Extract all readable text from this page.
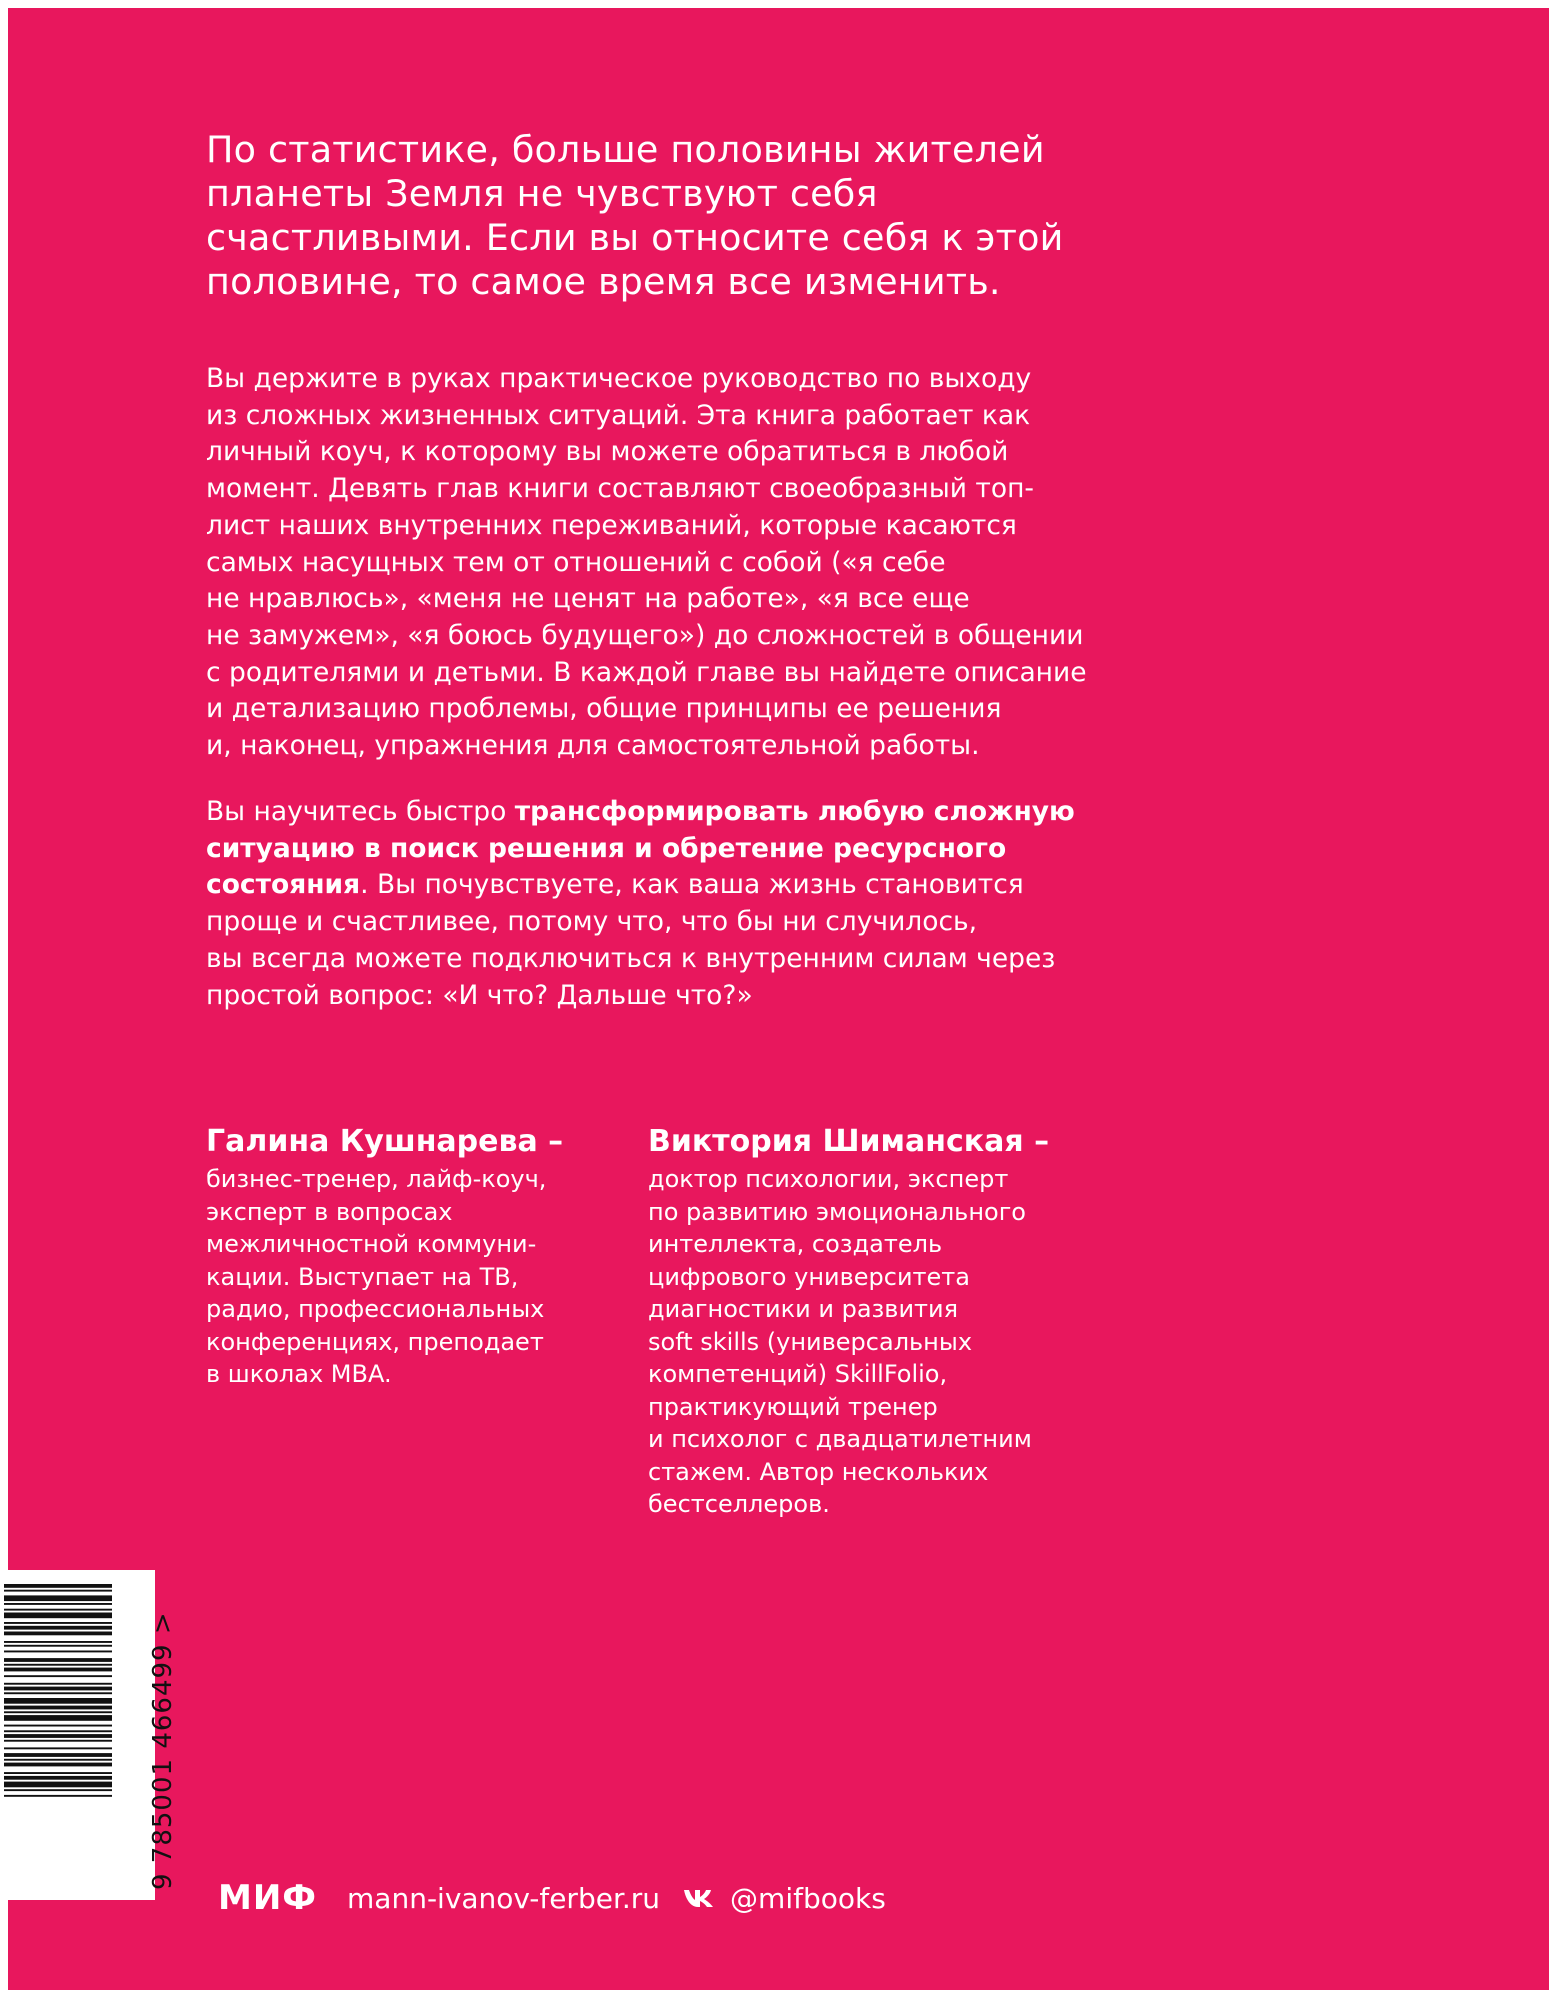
По статистике, больше половины жителей
планеты Земля не чувствуют себя
счастливыми. Если вы относите себя к этой
половине, то самое время все изменить.
Вы держите в руках практическое руководство по выходу
из сложных жизненных ситуаций. Эта книга работает как
личный коуч, к которому вы можете обратиться в любой
момент. Девять глав книги составляют своеобразный топ-
лист наших внутренних переживаний, которые касаются
самых насущных тем от отношений с собой («я себе
не нравлюсь», «меня не ценят на работе», «я все еще
не замужем», «я боюсь будущего») до сложностей в общении
с родителями и детьми. В каждой главе вы найдете описание
и детализацию проблемы, общие принципы ее решения
и, наконец, упражнения для самостоятельной работы.
Вы научитесь быстро трансформировать любую сложную
ситуацию в поиск решения и обретение ресурсного
состояния. Вы почувствуете, как ваша жизнь становится
проще и счастливее, потому что, что бы ни случилось,
вы всегда можете подключиться к внутренним силам через
простой вопрос: «И что? Дальше что?»
Галина Кушнарева –
бизнес-тренер, лайф-коуч,
эксперт в вопросах
межличностной коммуни-
кации. Выступает на ТВ,
радио, профессиональных
конференциях, преподает
в школах MBA.
Виктория Шиманская –
доктор психологии, эксперт
по развитию эмоционального
интеллекта, создатель
цифрового университета
диагностики и развития
soft skills (универсальных
компетенций) SkillFolio,
практикующий тренер
и психолог с двадцатилетним
стажем. Автор нескольких
бестселлеров.
МИФ mann-ivanov-ferber.ru	@mifbooks
9 785001 466499 >
